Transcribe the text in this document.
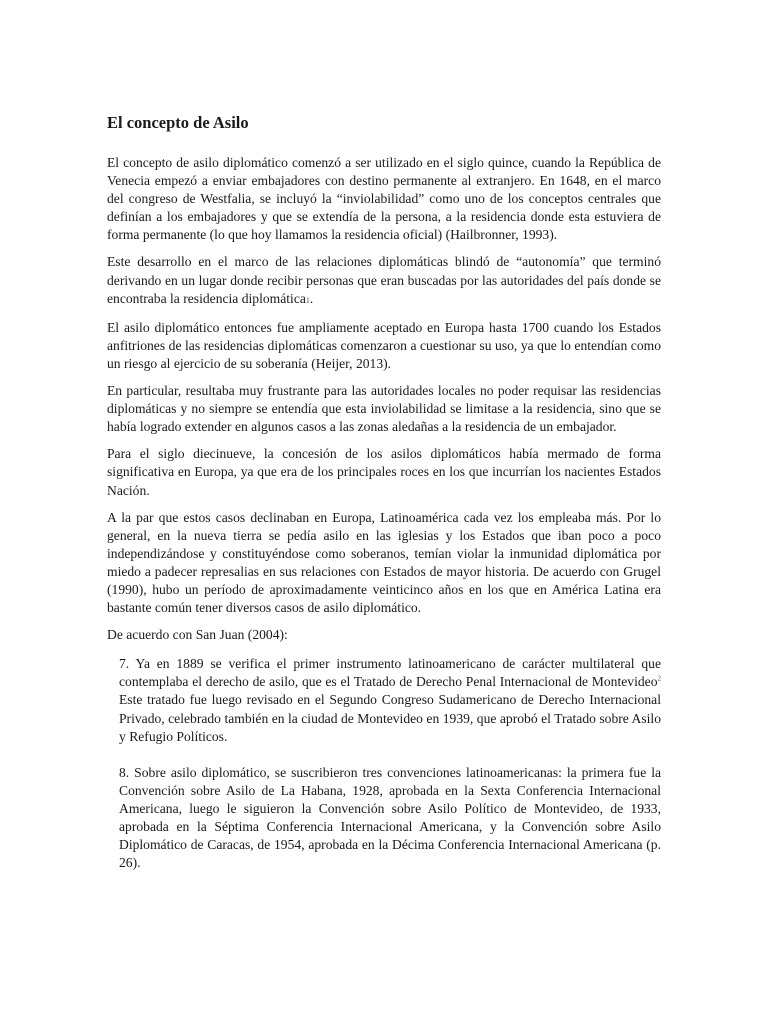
El concepto de Asilo

El concepto de asilo diplomático comenzó a ser utilizado en el siglo quince, cuando la República de Venecia empezó a enviar embajadores con destino permanente al extranjero. En 1648, en el marco del congreso de Westfalia, se incluyó la “inviolabilidad” como uno de los conceptos centrales que definían a los embajadores y que se extendía de la persona, a la residencia donde esta estuviera de forma permanente (lo que hoy llamamos la residencia oficial) (Hailbronner, 1993).

Este desarrollo en el marco de las relaciones diplomáticas blindó de “autonomía” que terminó derivando en un lugar donde recibir personas que eran buscadas por las autoridades del país donde se encontraba la residencia diplomática1.

El asilo diplomático entonces fue ampliamente aceptado en Europa hasta 1700 cuando los Estados anfitriones de las residencias diplomáticas comenzaron a cuestionar su uso, ya que lo entendían como un riesgo al ejercicio de su soberanía (Heijer, 2013).

En particular, resultaba muy frustrante para las autoridades locales no poder requisar las residencias diplomáticas y no siempre se entendía que esta inviolabilidad se limitase a la residencia, sino que se había logrado extender en algunos casos a las zonas aledañas a la residencia de un embajador.

Para el siglo diecinueve, la concesión de los asilos diplomáticos había mermado de forma significativa en Europa, ya que era de los principales roces en los que incurrían los nacientes Estados Nación.

A la par que estos casos declinaban en Europa, Latinoamérica cada vez los empleaba más. Por lo general, en la nueva tierra se pedía asilo en las iglesias y los Estados que iban poco a poco independizándose y constituyéndose como soberanos, temían violar la inmunidad diplomática por miedo a padecer represalias en sus relaciones con Estados de mayor historia. De acuerdo con Grugel (1990), hubo un período de aproximadamente veinticinco años en los que en América Latina era bastante común tener diversos casos de asilo diplomático.

De acuerdo con San Juan (2004):

7. Ya en 1889 se verifica el primer instrumento latinoamericano de carácter multilateral que contemplaba el derecho de asilo, que es el Tratado de Derecho Penal Internacional de Montevideo$^2$ Este tratado fue luego revisado en el Segundo Congreso Sudamericano de Derecho Internacional Privado, celebrado también en la ciudad de Montevideo en 1939, que aprobó el Tratado sobre Asilo y Refugio Políticos.

8. Sobre asilo diplomático, se suscribieron tres convenciones latinoamericanas: la primera fue la Convención sobre Asilo de La Habana, 1928, aprobada en la Sexta Conferencia Internacional Americana, luego le siguieron la Convención sobre Asilo Político de Montevideo, de 1933, aprobada en la Séptima Conferencia Internacional Americana, y la Convención sobre Asilo Diplomático de Caracas, de 1954, aprobada en la Décima Conferencia Internacional Americana (p. 26).
